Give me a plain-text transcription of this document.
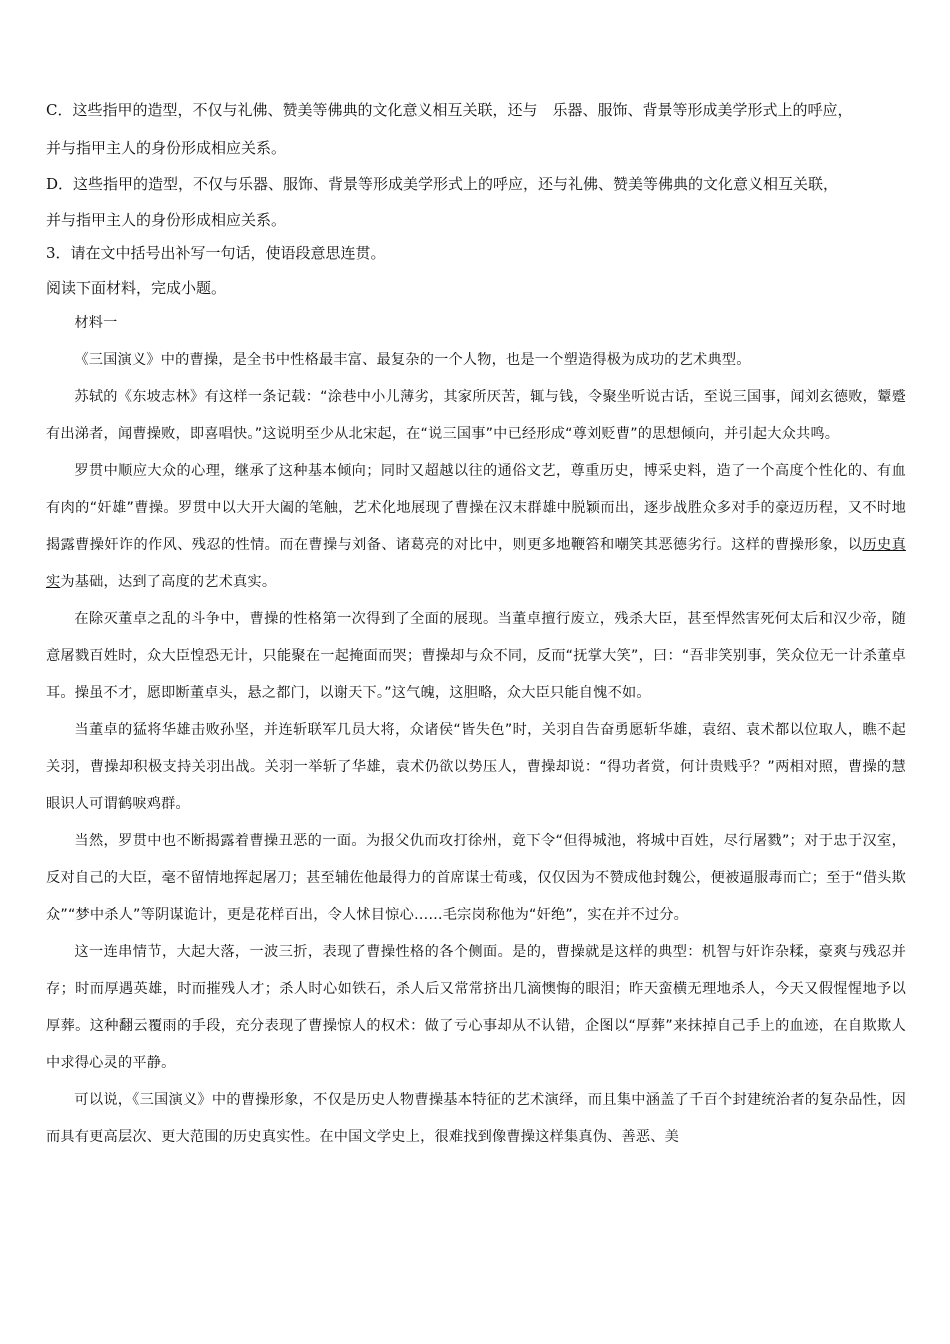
C．这些指甲的造型，不仅与礼佛、赞美等佛典的文化意义相互关联，还与　乐器、服饰、背景等形成美学形式上的呼应，
并与指甲主人的身份形成相应关系。
D．这些指甲的造型，不仅与乐器、服饰、背景等形成美学形式上的呼应，还与礼佛、赞美等佛典的文化意义相互关联，
并与指甲主人的身份形成相应关系。
3．请在文中括号出补写一句话，使语段意思连贯。
阅读下面材料，完成小题。

材料一

《三国演义》中的曹操，是全书中性格最丰富、最复杂的一个人物，也是一个塑造得极为成功的艺术典型。

苏轼的《东坡志林》有这样一条记载：“涂巷中小儿薄劣，其家所厌苦，辄与钱，令聚坐听说古话，至说三国事，闻刘玄德败，颦蹙有出涕者，闻曹操败，即喜唱快。”这说明至少从北宋起，在“说三国事”中已经形成“尊刘贬曹”的思想倾向，并引起大众共鸣。

罗贯中顺应大众的心理，继承了这种基本倾向；同时又超越以往的通俗文艺，尊重历史，博采史料，造了一个高度个性化的、有血有肉的“奸雄”曹操。罗贯中以大开大阖的笔触，艺术化地展现了曹操在汉末群雄中脱颖而出，逐步战胜众多对手的豪迈历程，又不时地揭露曹操奸诈的作风、残忍的性情。而在曹操与刘备、诸葛亮的对比中，则更多地鞭笞和嘲笑其恶德劣行。这样的曹操形象，以历史真实为基础，达到了高度的艺术真实。

在除灭董卓之乱的斗争中，曹操的性格第一次得到了全面的展现。当董卓擅行废立，残杀大臣，甚至悍然害死何太后和汉少帝，随意屠戮百姓时，众大臣惶恐无计，只能聚在一起掩面而哭；曹操却与众不同，反而“抚掌大笑”，曰：“吾非笑别事，笑众位无一计杀董卓耳。操虽不才，愿即断董卓头，悬之都门，以谢天下。”这气魄，这胆略，众大臣只能自愧不如。

当董卓的猛将华雄击败孙坚，并连斩联军几员大将，众诸侯“皆失色”时，关羽自告奋勇愿斩华雄，袁绍、袁术都以位取人，瞧不起关羽，曹操却积极支持关羽出战。关羽一举斩了华雄，袁术仍欲以势压人，曹操却说：“得功者赏，何计贵贱乎？”两相对照，曹操的慧眼识人可谓鹤唳鸡群。

当然，罗贯中也不断揭露着曹操丑恶的一面。为报父仇而攻打徐州，竟下令“但得城池，将城中百姓，尽行屠戮”；对于忠于汉室，反对自己的大臣，毫不留情地挥起屠刀；甚至辅佐他最得力的首席谋士荀彧，仅仅因为不赞成他封魏公，便被逼服毒而亡；至于“借头欺众”“梦中杀人”等阴谋诡计，更是花样百出，令人怵目惊心……毛宗岗称他为“奸绝”，实在并不过分。

这一连串情节，大起大落，一波三折，表现了曹操性格的各个侧面。是的，曹操就是这样的典型：机智与奸诈杂糅，豪爽与残忍并存；时而厚遇英雄，时而摧残人才；杀人时心如铁石，杀人后又常常挤出几滴懊悔的眼泪；昨天蛮横无理地杀人，今天又假惺惺地予以厚葬。这种翻云覆雨的手段，充分表现了曹操惊人的权术：做了亏心事却从不认错，企图以“厚葬”来抹掉自己手上的血迹，在自欺欺人中求得心灵的平静。

可以说，《三国演义》中的曹操形象，不仅是历史人物曹操基本特征的艺术演绎，而且集中涵盖了千百个封建统治者的复杂品性，因而具有更高层次、更大范围的历史真实性。在中国文学史上，很难找到像曹操这样集真伪、善恶、美
